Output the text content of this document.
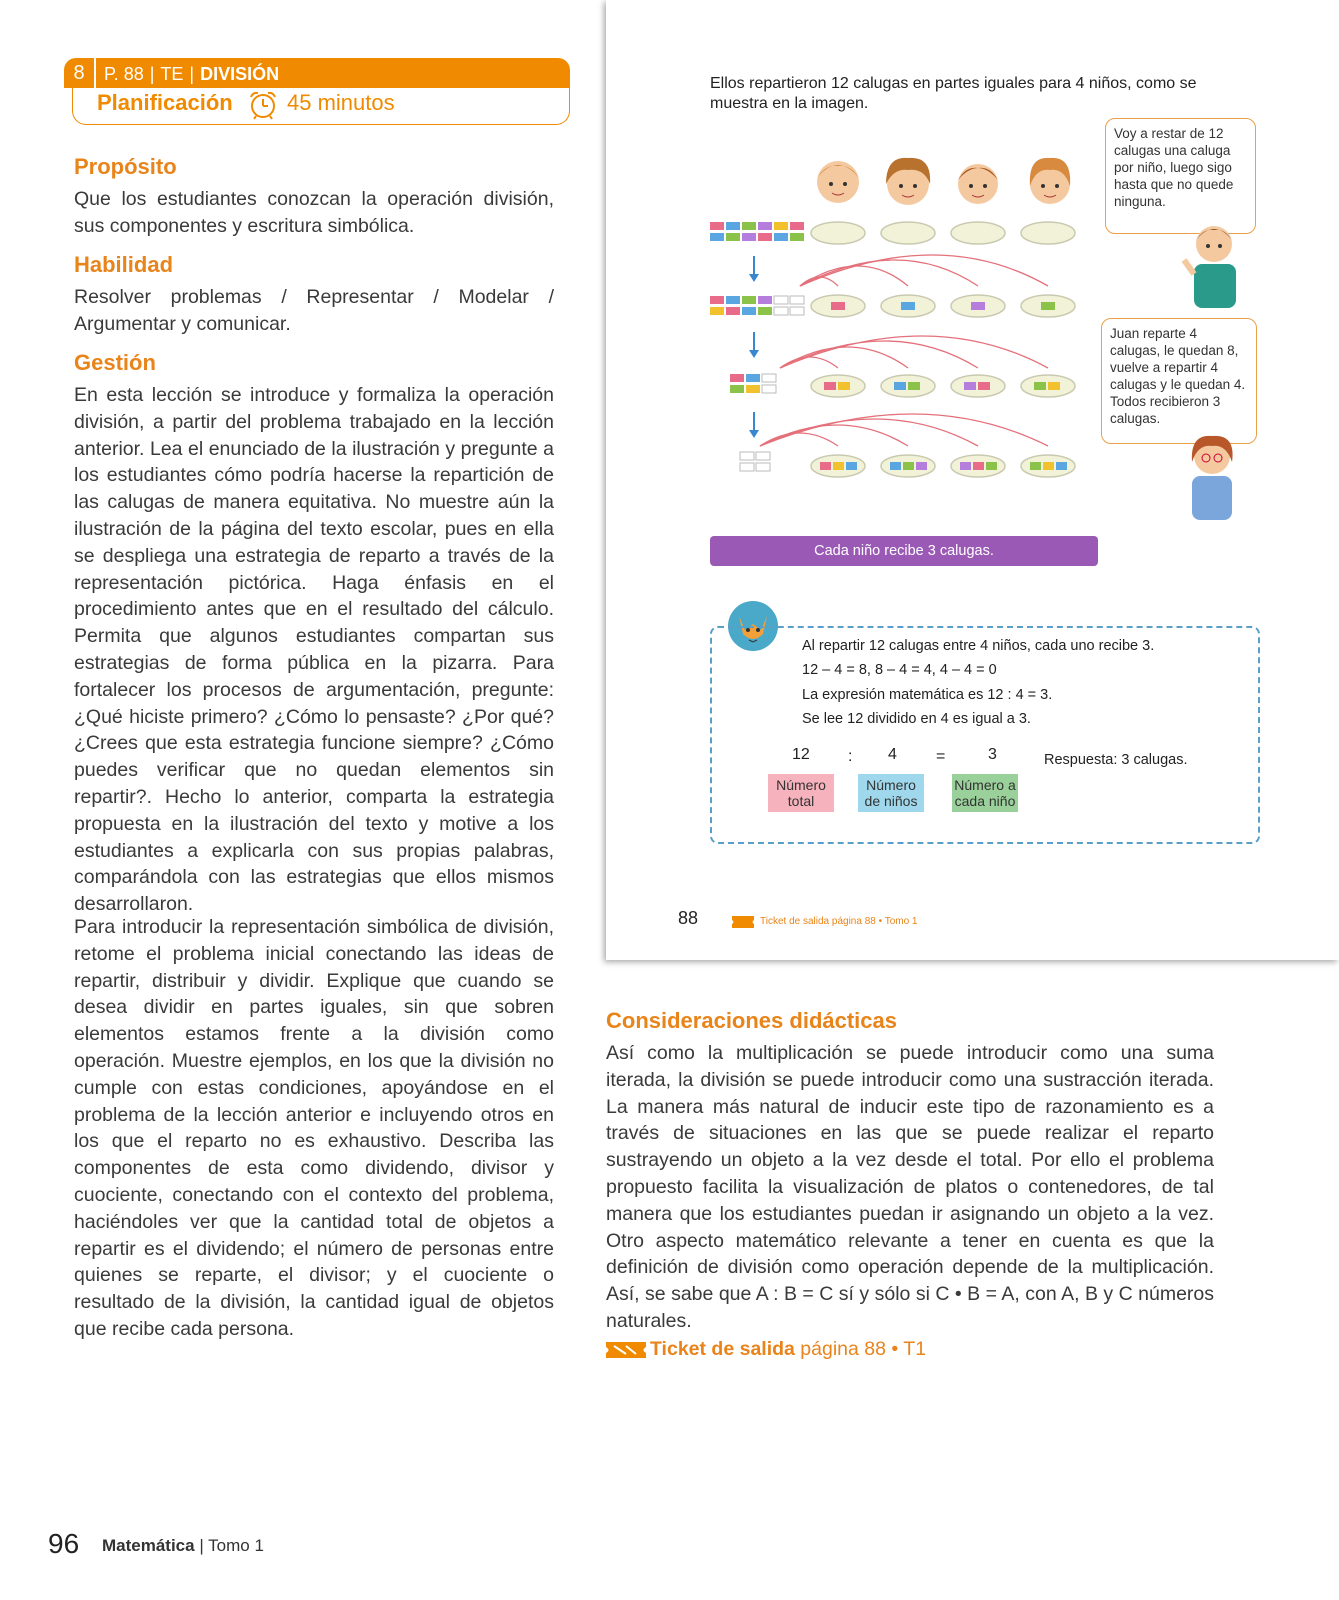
8	P. 88 | TE | DIVISIÓN
Planificación 45 minutos
Propósito
Que los estudiantes conozcan la operación división, sus componentes y escritura simbólica.
Habilidad
Resolver problemas / Representar / Modelar / Argumentar y comunicar.
Gestión
En esta lección se introduce y formaliza la operación división, a partir del problema trabajado en la lección anterior. Lea el enunciado de la ilustración y pregunte a los estudiantes cómo podría hacerse la repartición de las calugas de manera equitativa. No muestre aún la ilustración de la página del texto escolar, pues en ella se despliega una estrategia de reparto a través de la representación pictórica. Haga énfasis en el procedimiento antes que en el resultado del cálculo. Permita que algunos estudiantes compartan sus estrategias de forma pública en la pizarra. Para fortalecer los procesos de argumentación, pregunte: ¿Qué hiciste primero? ¿Cómo lo pensaste? ¿Por qué? ¿Crees que esta estrategia funcione siempre? ¿Cómo puedes verificar que no quedan elementos sin repartir?. Hecho lo anterior, comparta la estrategia propuesta en la ilustración del texto y motive a los estudiantes a explicarla con sus propias palabras, comparándola con las estrategias que ellos mismos desarrollaron.
Para introducir la representación simbólica de división, retome el problema inicial conectando las ideas de repartir, distribuir y dividir. Explique que cuando se desea dividir en partes iguales, sin que sobren elementos estamos frente a la división como operación. Muestre ejemplos, en los que la división no cumple con estas condiciones, apoyándose en el problema de la lección anterior e incluyendo otros en los que el reparto no es exhaustivo. Describa las componentes de esta como dividendo, divisor y cuociente, conectando con el contexto del problema, haciéndoles ver que la cantidad total de objetos a repartir es el dividendo; el número de personas entre quienes se reparte, el divisor; y el cuociente o resultado de la división, la cantidad igual de objetos que recibe cada persona.
Ellos repartieron 12 calugas en partes iguales para 4 niños, como se muestra en la imagen.
Voy a restar de 12 calugas una caluga por niño, luego sigo hasta que no quede ninguna.
Juan reparte 4 calugas, le quedan 8, vuelve a repartir 4 calugas y le quedan 4. Todos recibieron 3 calugas.
Cada niño recibe 3 calugas.
Al repartir 12 calugas entre 4 niños, cada uno recibe 3.
12 – 4 = 8, 8 – 4 = 4, 4 – 4 = 0
La expresión matemática es 12 : 4 = 3.
Se lee 12 dividido en 4 es igual a 3.
12 : 4 =	3
Número total
Número de niños
Número a cada niño
Respuesta: 3 calugas.
88	Ticket de salida página 88 • Tomo 1
Consideraciones didácticas
Así como la multiplicación se puede introducir como una suma iterada, la división se puede introducir como una sustracción iterada. La manera más natural de inducir este tipo de razonamiento es a través de situaciones en las que se puede realizar el reparto sustrayendo un objeto a la vez desde el total. Por ello el problema propuesto facilita la visualización de platos o contenedores, de tal manera que los estudiantes puedan ir asignando un objeto a la vez. Otro aspecto matemático relevante a tener en cuenta es que la definición de división como operación depende de la multiplicación. Así, se sabe que A : B = C sí y sólo si C • B = A, con A, B y C números naturales.
Ticket de salida página 88 • T1
96 Matemática | Tomo 1
